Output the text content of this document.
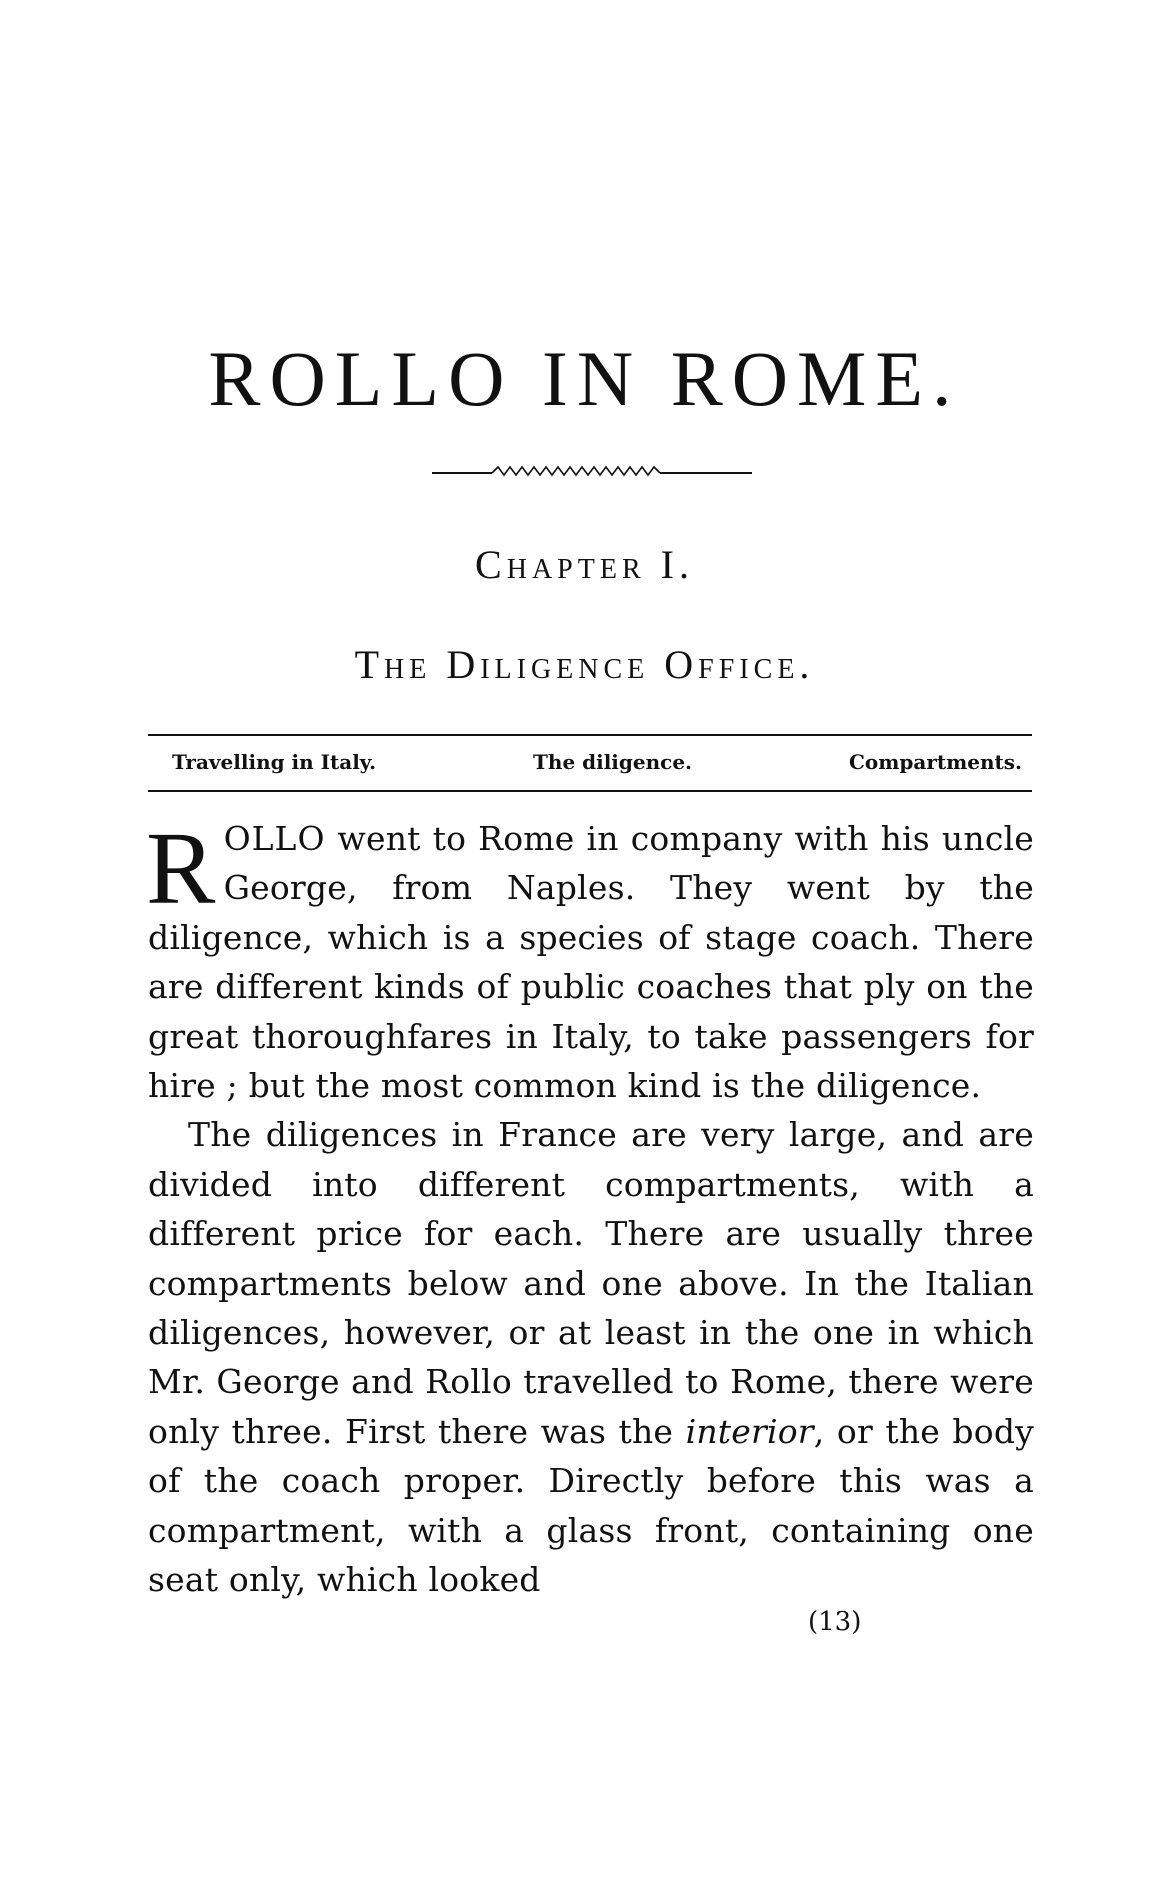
ROLLO IN ROME.
Chapter I.
The Diligence Office.
Travelling in Italy.	The diligence.	Compartments.

ROLLO went to Rome in company with his uncle George, from Naples. They went by the diligence, which is a species of stage coach. There are different kinds of public coaches that ply on the great thoroughfares in Italy, to take passengers for hire ; but the most common kind is the diligence.

The diligences in France are very large, and are divided into different compartments, with a different price for each. There are usually three compartments below and one above. In the Italian diligences, however, or at least in the one in which Mr. George and Rollo travelled to Rome, there were only three. First there was the interior, or the body of the coach proper. Directly before this was a compartment, with a glass front, containing one seat only, which looked

(13)
